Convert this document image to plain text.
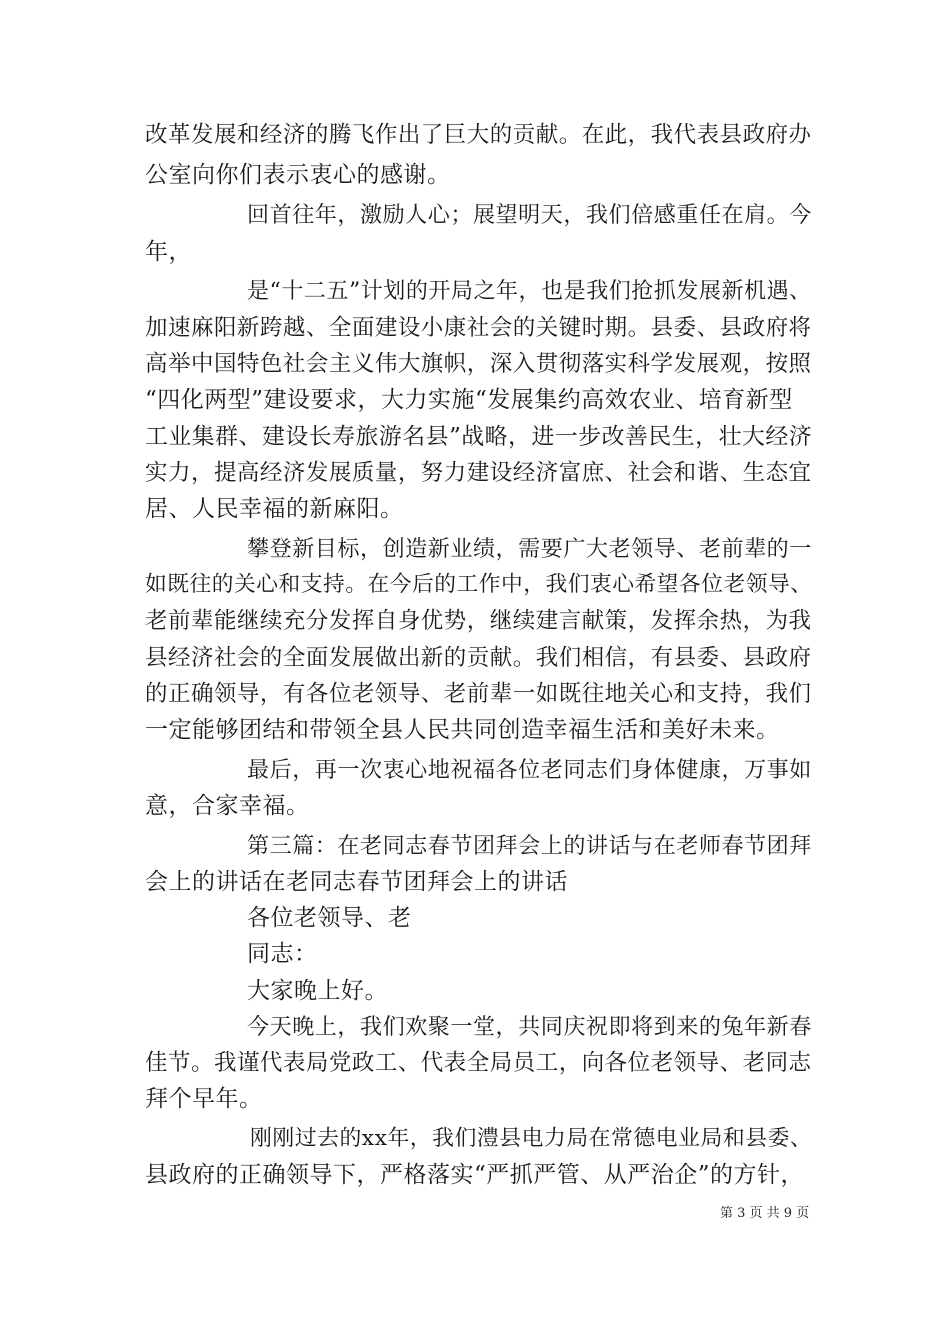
改革发展和经济的腾飞作出了巨大的贡献。在此，我代表县政府办
公室向你们表示衷心的感谢。
回首往年，激励人心；展望明天，我们倍感重任在肩。今
年，
是“十二五”计划的开局之年，也是我们抢抓发展新机遇、
加速麻阳新跨越、全面建设小康社会的关键时期。县委、县政府将
高举中国特色社会主义伟大旗帜，深入贯彻落实科学发展观，按照
“四化两型”建设要求，大力实施“发展集约高效农业、培育新型
工业集群、建设长寿旅游名县”战略，进一步改善民生，壮大经济
实力，提高经济发展质量，努力建设经济富庶、社会和谐、生态宜
居、人民幸福的新麻阳。
攀登新目标，创造新业绩，需要广大老领导、老前辈的一
如既往的关心和支持。在今后的工作中，我们衷心希望各位老领导、
老前辈能继续充分发挥自身优势，继续建言献策，发挥余热，为我
县经济社会的全面发展做出新的贡献。我们相信，有县委、县政府
的正确领导，有各位老领导、老前辈一如既往地关心和支持，我们
一定能够团结和带领全县人民共同创造幸福生活和美好未来。
最后，再一次衷心地祝福各位老同志们身体健康，万事如
意，合家幸福。
第三篇：在老同志春节团拜会上的讲话与在老师春节团拜
会上的讲话在老同志春节团拜会上的讲话
各位老领导、老
同志：
大家晚上好。
今天晚上，我们欢聚一堂，共同庆祝即将到来的兔年新春
佳节。我谨代表局党政工、代表全局员工，向各位老领导、老同志
拜个早年。
刚刚过去的xx年，我们澧县电力局在常德电业局和县委、
县政府的正确领导下，严格落实“严抓严管、从严治企”的方针，
第 3 页 共 9 页
